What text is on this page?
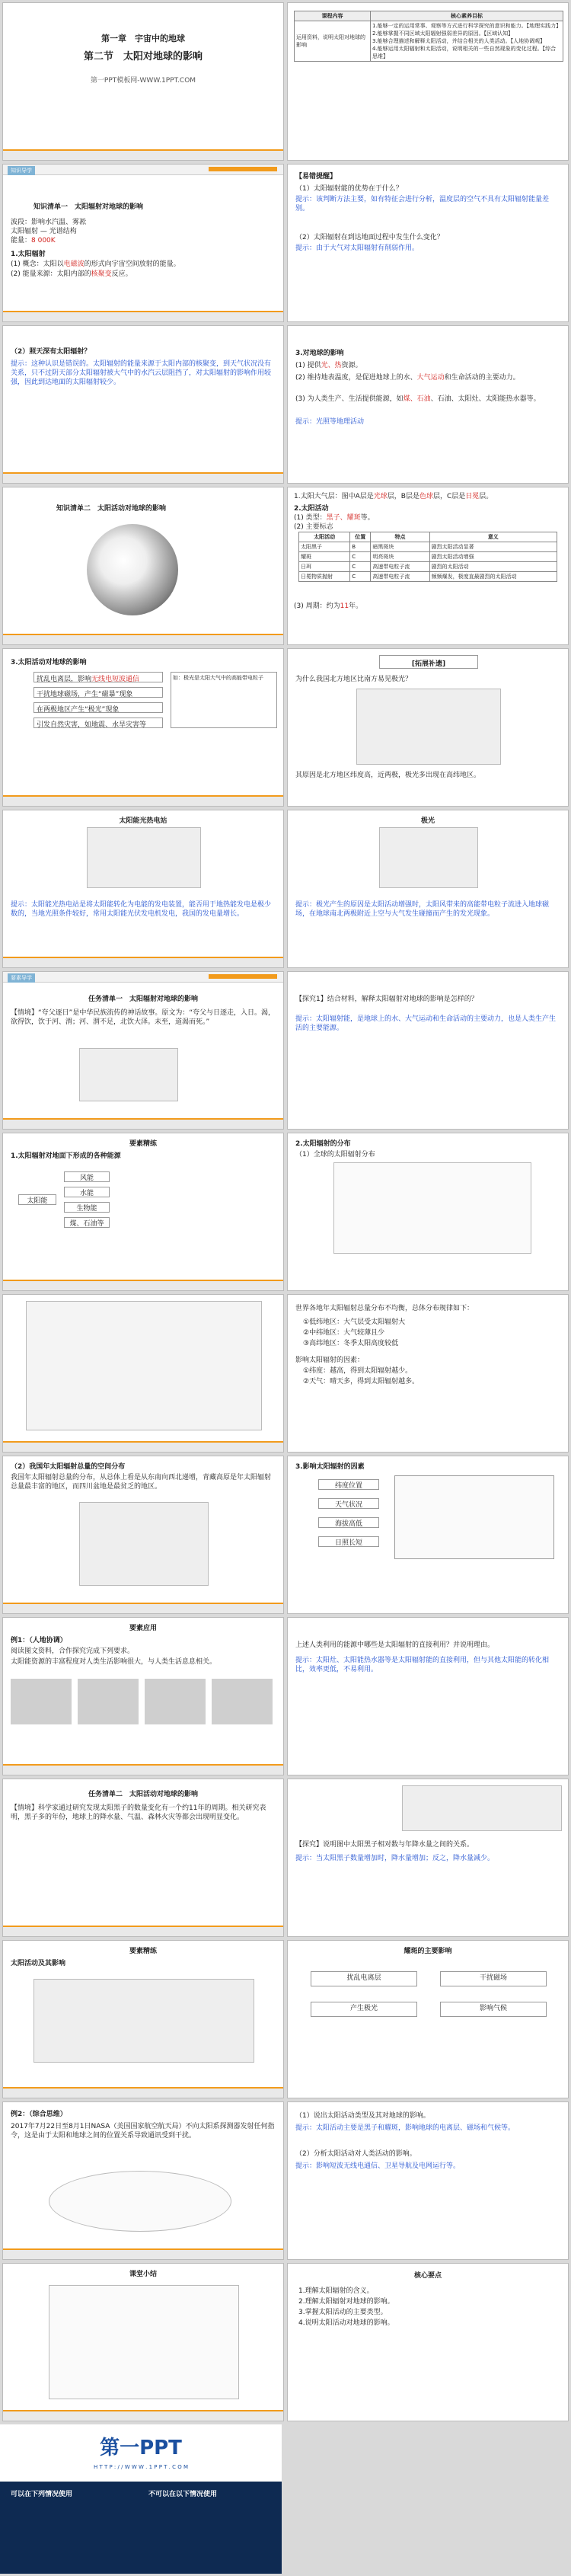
第一章　宇宙中的地球
第二节　太阳对地球的影响
第一PPT模板网-WWW.1PPT.COM
课程内容	核心素养目标
运用资料，说明太阳对地球的影响	1.能够一定的运用常事、观察等方式进行科学探究的意识和能力。【地理实践力】
2.能够掌握不同区域太阳辐射强弱差异的原因。【区域认知】
3.能够合理描述和解释太阳活动，并结合相关的人类活动。【人地协调观】
4.能够运用太阳辐射和太阳活动，说明相关的一些自然现象的变化过程。【综合思维】
知识导学
知识清单一　太阳辐射对地球的影响
波段：影响水汽温、雾凇
太阳辐射 — 光谱结构
能量：8 000K
1.太阳辐射
(1) 概念：太阳以电磁波的形式向宇宙空间放射的能量。
(2) 能量来源：太阳内部的核聚变反应。
【易错提醒】
（1）太阳辐射能的优势在于什么？
提示：该判断方法主要，如有特征会进行分析，温度层的空气不具有太阳辐射能量差别。
（2）太阳辐射在到达地面过程中发生什么变化？
提示：由于大气对太阳辐射有削弱作用。
（2）照天深有太阳辐射？
提示：这种认识是错误的。太阳辐射的能量来源于太阳内部的核聚变，到天气状况没有关系，只不过阴天部分太阳辐射被大气中的水汽云层阻挡了，对太阳辐射的影响作用较强，因此到达地面的太阳辐射较少。
3.对地球的影响
(1) 提供光、热资源。
(2) 维持地表温度，是促进地球上的水、大气运动和生命活动的主要动力。
(3) 为人类生产、生活提供能源，如煤、石油、石油、太阳灶、太阳能热水器等。
提示：光照等地理活动
知识清单二　太阳活动对地球的影响
1.太阳大气层：图中A层是光球层，B层是色球层，C层是日冕层。
2.太阳活动
(1) 类型：黑子、耀斑等。
(2) 主要标志
太阳活动	位置	特点	意义
太阳黑子	B	暗黑斑块	剧烈太阳活动显著
耀斑	C	明亮斑块	剧烈太阳活动增强
日珥	C	高速带电粒子流	剧烈的太阳活动
日冕物质抛射	C	高速带电粒子流	频频爆发，极度直最剧烈的太阳活动
(3) 周期：约为11年。
3.太阳活动对地球的影响
扰乱电离层，影响无线电短波通信
干扰地球磁场，产生“磁暴”现象
在两极地区产生“极光”现象
引发自然灾害，如地震、水旱灾害等
如：极光是太阳大气中的高能带电粒子
[拓展补遗]
为什么我国北方地区比南方易见极光？
其原因是北方地区纬度高，近两极，极光多出现在高纬地区。
太阳能光热电站
提示：太阳能光热电站是将太阳能转化为电能的发电装置，能否用于地热能发电是极少数的，当地光照条件较好，常用太阳能光伏发电机发电，我国的发电量增长。
极光
提示：极光产生的原因是太阳活动增强时，太阳风带来的高能带电粒子流进入地球磁场，在地球南北两极附近上空与大气发生碰撞而产生的发光现象。
要素导学
任务清单一　太阳辐射对地球的影响
【情境】“夸父逐日”是中华民族流传的神话故事。原文为：“夸父与日逐走，入日。渴，欲得饮，饮于河、渭；河、渭不足，北饮大泽。未至，道渴而死。”
【探究1】结合材料，解释太阳辐射对地球的影响是怎样的？
提示：太阳辐射能，是地球上的水、大气运动和生命活动的主要动力，也是人类生产生活的主要能源。
要素精练
1.太阳辐射对地面下形成的各种能源
风能
水能
生物能
煤、石油等
太阳能
2.太阳辐射的分布
（1）全球的太阳辐射分布
世界各地年太阳辐射总量分布不均衡，总体分布规律如下：
①低纬地区：大气层受太阳辐射大
②中纬地区：大气较薄且少
③高纬地区：冬季太阳高度较低
影响太阳辐射的因素：
①纬度：越高，得到太阳辐射越少。
②天气：晴天多，得到太阳辐射越多。
（2）我国年太阳辐射总量的空间分布
我国年太阳辐射总量的分布，从总体上看是从东南向西北递增，青藏高原是年太阳辐射总量最丰富的地区，而四川盆地是最贫乏的地区。
3.影响太阳辐射的因素
纬度位置
天气状况
海拔高低
日照长短
要素应用
例1：（人地协调）
阅读图文资料，合作探究完成下列要求。
太阳能资源的丰富程度对人类生活影响很大，与人类生活息息相关。
上述人类利用的能源中哪些是太阳辐射的直接利用？并说明理由。
提示：太阳灶、太阳能热水器等是太阳辐射能的直接利用，但与其他太阳能的转化相比，效率更低，不易利用。
任务清单二　太阳活动对地球的影响
【情境】科学家通过研究发现太阳黑子的数量变化有一个约11年的周期。相关研究表明，黑子多的年份，地球上的降水量、气温、森林火灾等都会出现明显变化。
【探究】说明图中太阳黑子相对数与年降水量之间的关系。
提示：当太阳黑子数量增加时，降水量增加；反之，降水量减少。
要素精练
太阳活动及其影响
耀斑的主要影响
扰乱电离层	干扰磁场
产生极光	影响气候
例2：（综合思维）
2017年7月22日至8月1日NASA（美国国家航空航天局）不向太阳系探测器发射任何指令，这是由于太阳和地球之间的位置关系导致通讯受到干扰。
（1）说出太阳活动类型及其对地球的影响。
提示：太阳活动主要是黑子和耀斑，影响地球的电离层、磁场和气候等。
（2）分析太阳活动对人类活动的影响。
提示：影响短波无线电通信、卫星导航及电网运行等。
课堂小结	核心要点
1.理解太阳辐射的含义。
2.理解太阳辐射对地球的影响。
3.掌握太阳活动的主要类型。
4.说明太阳活动对地球的影响。
第一PPT
H T T P : / / W W W . 1 P P T . C O M
可以在下列情况使用	不可以在以下情况使用
